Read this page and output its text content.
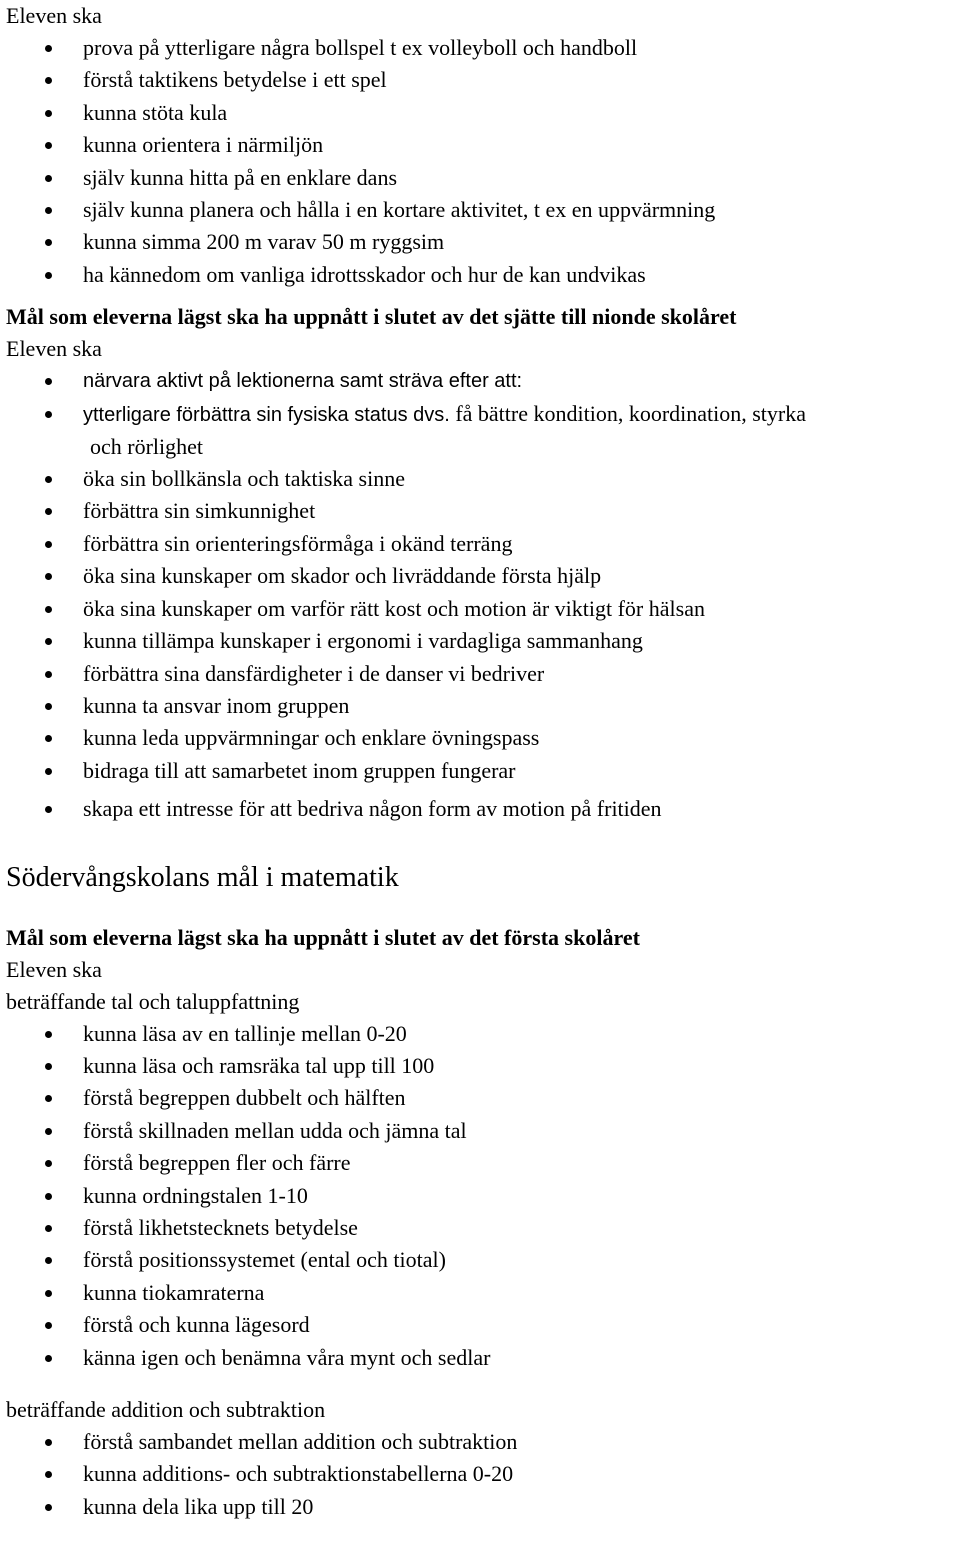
Eleven ska

prova på ytterligare några bollspel t ex volleyboll och handboll
förstå taktikens betydelse i ett spel
kunna stöta kula
kunna orientera i närmiljön
själv kunna hitta på en enklare dans
själv kunna planera och hålla i en kortare aktivitet, t ex en uppvärmning
kunna simma 200 m varav 50 m ryggsim
ha kännedom om vanliga idrottsskador och hur de kan undvikas

Mål som eleverna lägst ska ha uppnått i slutet av det sjätte till nionde skolåret

Eleven ska

närvara aktivt på lektionerna samt sträva efter att:
ytterligare förbättra sin fysiska status dvs. få bättre kondition, koordination, styrka
och rörlighet
öka sin bollkänsla och taktiska sinne
förbättra sin simkunnighet
förbättra sin orienteringsförmåga i okänd terräng
öka sina kunskaper om skador och livräddande första hjälp
öka sina kunskaper om varför rätt kost och motion är viktigt för hälsan
kunna tillämpa kunskaper i ergonomi i vardagliga sammanhang
förbättra sina dansfärdigheter i de danser vi bedriver
kunna ta ansvar inom gruppen
kunna leda uppvärmningar och enklare övningspass
bidraga till att samarbetet inom gruppen fungerar
skapa ett intresse för att bedriva någon form av motion på fritiden

Södervångskolans mål i matematik

Mål som eleverna lägst ska ha uppnått i slutet av det första skolåret

Eleven ska

beträffande tal och taluppfattning

kunna läsa av en tallinje mellan 0-20
kunna läsa och ramsräka tal upp till 100
förstå begreppen dubbelt och hälften
förstå skillnaden mellan udda och jämna tal
förstå begreppen fler och färre
kunna ordningstalen 1-10
förstå likhetstecknets betydelse
förstå positionssystemet (ental och tiotal)
kunna tiokamraterna
förstå och kunna lägesord
känna igen och benämna våra mynt och sedlar

beträffande addition och subtraktion

förstå sambandet mellan addition och subtraktion
kunna additions- och subtraktionstabellerna 0-20
kunna dela lika upp till 20
